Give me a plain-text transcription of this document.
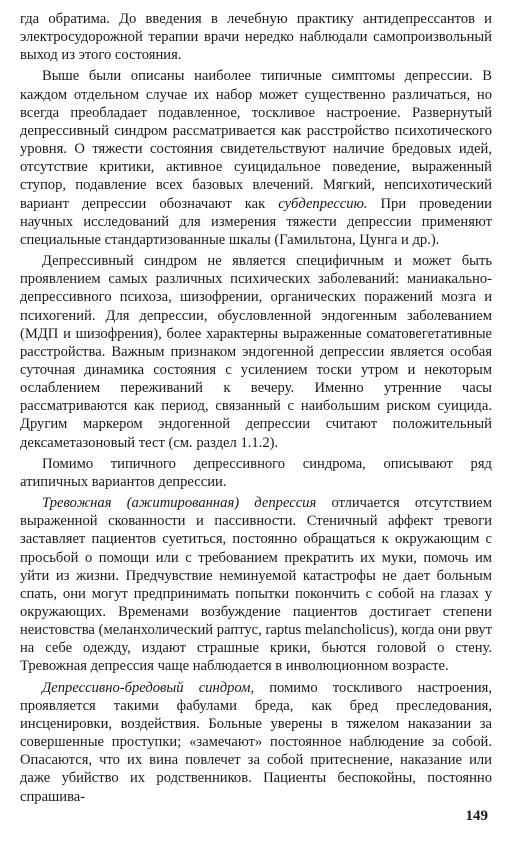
гда обратима. До введения в лечебную практику антидепрессантов и электросудорожной терапии врачи нередко наблюдали самопроизвольный выход из этого состояния.

Выше были описаны наиболее типичные симптомы депрессии. В каждом отдельном случае их набор может существенно различаться, но всегда преобладает подавленное, тоскливое настроение. Развернутый депрессивный синдром рассматривается как расстройство психотического уровня. О тяжести состояния свидетельствуют наличие бредовых идей, отсутствие критики, активное суицидальное поведение, выраженный ступор, подавление всех базовых влечений. Мягкий, непсихотический вариант депрессии обозначают как субдепрессию. При проведении научных исследований для измерения тяжести депрессии применяют специальные стандартизованные шкалы (Гамильтона, Цунга и др.).

Депрессивный синдром не является специфичным и может быть проявлением самых различных психических заболеваний: маниакально-депрессивного психоза, шизофрении, органических поражений мозга и психогений. Для депрессии, обусловленной эндогенным заболеванием (МДП и шизофрения), более характерны выраженные соматовегетативные расстройства. Важным признаком эндогенной депрессии является особая суточная динамика состояния с усилением тоски утром и некоторым ослаблением переживаний к вечеру. Именно утренние часы рассматриваются как период, связанный с наибольшим риском суицида. Другим маркером эндогенной депрессии считают положительный дексаметазоновый тест (см. раздел 1.1.2).

Помимо типичного депрессивного синдрома, описывают ряд атипичных вариантов депрессии.

Тревожная (ажитированная) депрессия отличается отсутствием выраженной скованности и пассивности. Стеничный аффект тревоги заставляет пациентов суетиться, постоянно обращаться к окружающим с просьбой о помощи или с требованием прекратить их муки, помочь им уйти из жизни. Предчувствие неминуемой катастрофы не дает больным спать, они могут предпринимать попытки покончить с собой на глазах у окружающих. Временами возбуждение пациентов достигает степени неистовства (меланхолический раптус, raptus melancholicus), когда они рвут на себе одежду, издают страшные крики, бьются головой о стену. Тревожная депрессия чаще наблюдается в инволюционном возрасте.

Депрессивно-бредовый синдром, помимо тоскливого настроения, проявляется такими фабулами бреда, как бред преследования, инсценировки, воздействия. Больные уверены в тяжелом наказании за совершенные проступки; «замечают» постоянное наблюдение за собой. Опасаются, что их вина повлечет за собой притеснение, наказание или даже убийство их родственников. Пациенты беспокойны, постоянно спрашива-

149
